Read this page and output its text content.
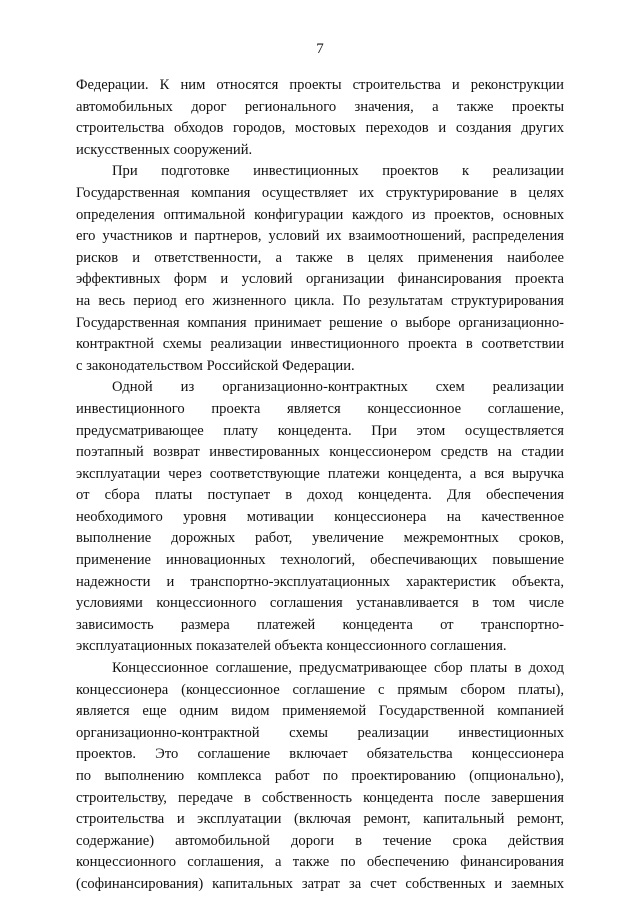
7
Федерации. К ним относятся проекты строительства и реконструкции
автомобильных дорог регионального значения, а также проекты
строительства обходов городов, мостовых переходов и создания других
искусственных сооружений.
При подготовке инвестиционных проектов к реализации
Государственная компания осуществляет их структурирование в целях
определения оптимальной конфигурации каждого из проектов, основных
его участников и партнеров, условий их взаимоотношений, распределения
рисков и ответственности, а также в целях применения наиболее
эффективных форм и условий организации финансирования проекта
на весь период его жизненного цикла. По результатам структурирования
Государственная компания принимает решение о выборе организационно-
контрактной схемы реализации инвестиционного проекта в соответствии
с законодательством Российской Федерации.
Одной из организационно-контрактных схем реализации
инвестиционного проекта является концессионное соглашение,
предусматривающее плату концедента. При этом осуществляется
поэтапный возврат инвестированных концессионером средств на стадии
эксплуатации через соответствующие платежи концедента, а вся выручка
от сбора платы поступает в доход концедента. Для обеспечения
необходимого уровня мотивации концессионера на качественное
выполнение дорожных работ, увеличение межремонтных сроков,
применение инновационных технологий, обеспечивающих повышение
надежности и транспортно-эксплуатационных характеристик объекта,
условиями концессионного соглашения устанавливается в том числе
зависимость размера платежей концедента от транспортно-
эксплуатационных показателей объекта концессионного соглашения.
Концессионное соглашение, предусматривающее сбор платы в доход
концессионера (концессионное соглашение с прямым сбором платы),
является еще одним видом применяемой Государственной компанией
организационно-контрактной схемы реализации инвестиционных
проектов. Это соглашение включает обязательства концессионера
по выполнению комплекса работ по проектированию (опционально),
строительству, передаче в собственность концедента после завершения
строительства и эксплуатации (включая ремонт, капитальный ремонт,
содержание) автомобильной дороги в течение срока действия
концессионного соглашения, а также по обеспечению финансирования
(софинансирования) капитальных затрат за счет собственных и заемных
